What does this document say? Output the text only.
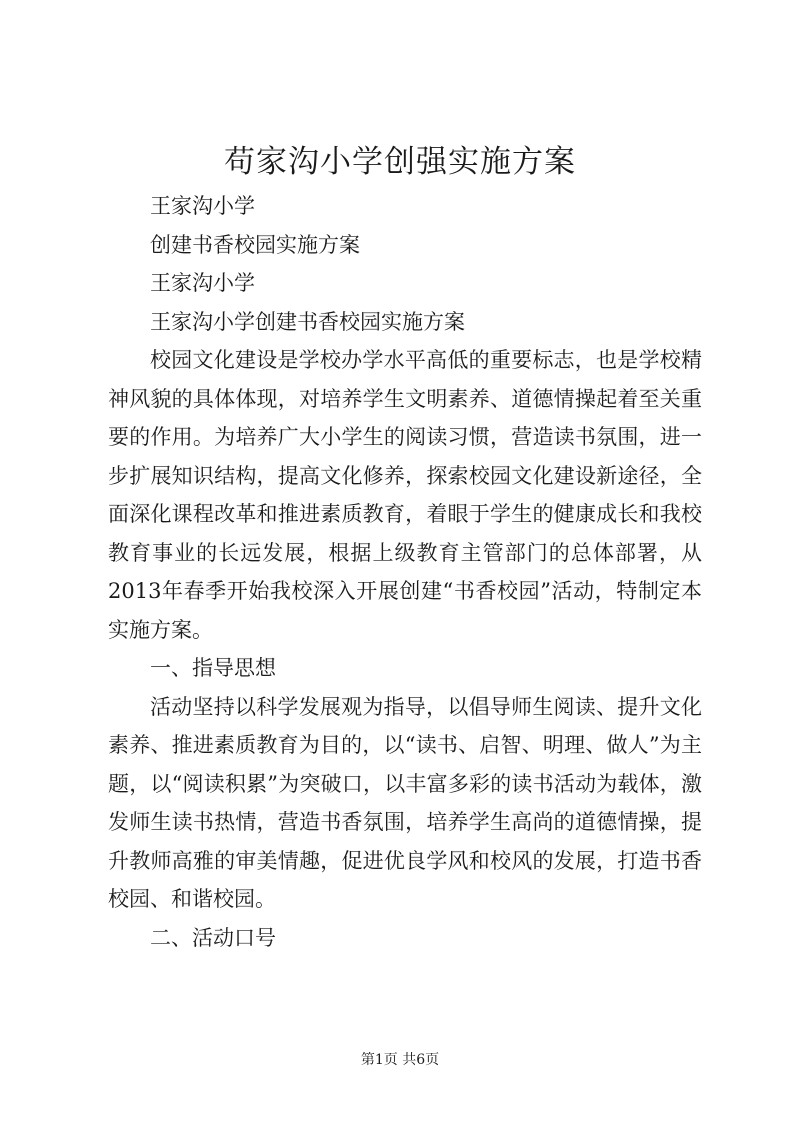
苟家沟小学创强实施方案

王家沟小学

创建书香校园实施方案

王家沟小学

王家沟小学创建书香校园实施方案

校园文化建设是学校办学水平高低的重要标志，也是学校精神风貌的具体体现，对培养学生文明素养、道德情操起着至关重要的作用。为培养广大小学生的阅读习惯，营造读书氛围，进一步扩展知识结构，提高文化修养，探索校园文化建设新途径，全面深化课程改革和推进素质教育，着眼于学生的健康成长和我校教育事业的长远发展，根据上级教育主管部门的总体部署，从2013年春季开始我校深入开展创建“书香校园”活动，特制定本实施方案。

一、指导思想

活动坚持以科学发展观为指导，以倡导师生阅读、提升文化素养、推进素质教育为目的，以“读书、启智、明理、做人”为主题，以“阅读积累”为突破口，以丰富多彩的读书活动为载体，激发师生读书热情，营造书香氛围，培养学生高尚的道德情操，提升教师高雅的审美情趣，促进优良学风和校风的发展，打造书香校园、和谐校园。

二、活动口号

第1页 共6页
